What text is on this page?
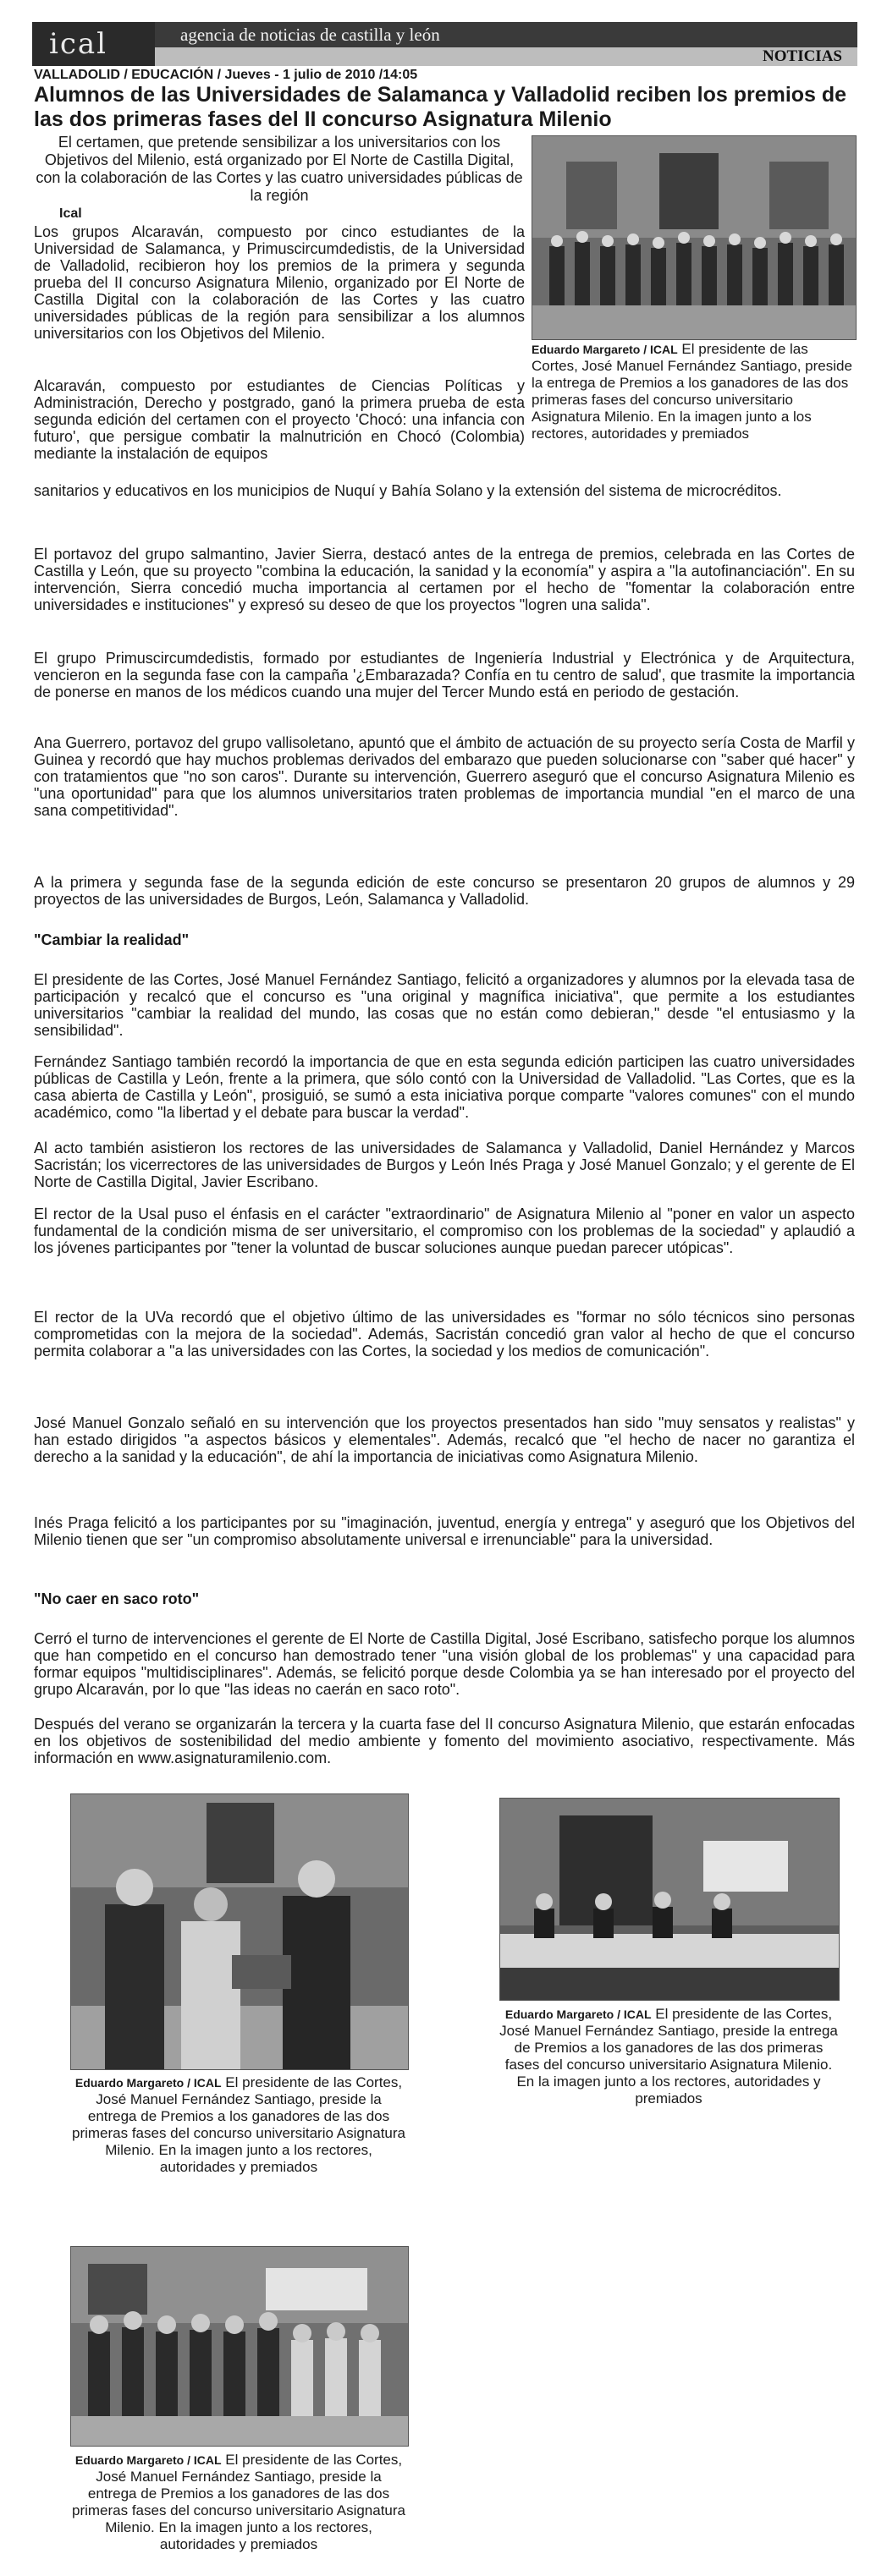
ical	agencia de noticias de castilla y león
NOTICIAS
VALLADOLID / EDUCACIÓN / Jueves - 1 julio de 2010 /14:05
Alumnos de las Universidades de Salamanca y Valladolid reciben los premios de las dos primeras fases del II concurso Asignatura Milenio

El certamen, que pretende sensibilizar a los universitarios con los Objetivos del Milenio, está organizado por El Norte de Castilla Digital, con la colaboración de las Cortes y las cuatro universidades públicas de la región

Ical

Eduardo Margareto / ICAL El presidente de las Cortes, José Manuel Fernández Santiago, preside la entrega de Premios a los ganadores de las dos primeras fases del concurso universitario Asignatura Milenio. En la imagen junto a los rectores, autoridades y premiados

Los grupos Alcaraván, compuesto por cinco estudiantes de la Universidad de Salamanca, y Primuscircumdedistis, de la Universidad de Valladolid, recibieron hoy los premios de la primera y segunda prueba del II concurso Asignatura Milenio, organizado por El Norte de Castilla Digital con la colaboración de las Cortes y las cuatro universidades públicas de la región para sensibilizar a los alumnos universitarios con los Objetivos del Milenio.

Alcaraván, compuesto por estudiantes de Ciencias Políticas y Administración, Derecho y postgrado, ganó la primera prueba de esta segunda edición del certamen con el proyecto 'Chocó: una infancia con futuro', que persigue combatir la malnutrición en Chocó (Colombia) mediante la instalación de equipos

sanitarios y educativos en los municipios de Nuquí y Bahía Solano y la extensión del sistema de microcréditos.

El portavoz del grupo salmantino, Javier Sierra, destacó antes de la entrega de premios, celebrada en las Cortes de Castilla y León, que su proyecto "combina la educación, la sanidad y la economía" y aspira a "la autofinanciación". En su intervención, Sierra concedió mucha importancia al certamen por el hecho de "fomentar la colaboración entre universidades e instituciones" y expresó su deseo de que los proyectos "logren una salida".

El grupo Primuscircumdedistis, formado por estudiantes de Ingeniería Industrial y Electrónica y de Arquitectura, vencieron en la segunda fase con la campaña '¿Embarazada? Confía en tu centro de salud', que trasmite la importancia de ponerse en manos de los médicos cuando una mujer del Tercer Mundo está en periodo de gestación.

Ana Guerrero, portavoz del grupo vallisoletano, apuntó que el ámbito de actuación de su proyecto sería Costa de Marfil y Guinea y recordó que hay muchos problemas derivados del embarazo que pueden solucionarse con "saber qué hacer" y con tratamientos que "no son caros". Durante su intervención, Guerrero aseguró que el concurso Asignatura Milenio es "una oportunidad" para que los alumnos universitarios traten problemas de importancia mundial "en el marco de una sana competitividad".

A la primera y segunda fase de la segunda edición de este concurso se presentaron 20 grupos de alumnos y 29 proyectos de las universidades de Burgos, León, Salamanca y Valladolid.

"Cambiar la realidad"

El presidente de las Cortes, José Manuel Fernández Santiago, felicitó a organizadores y alumnos por la elevada tasa de participación y recalcó que el concurso es "una original y magnífica iniciativa", que permite a los estudiantes universitarios "cambiar la realidad del mundo, las cosas que no están como debieran," desde "el entusiasmo y la sensibilidad".

Fernández Santiago también recordó la importancia de que en esta segunda edición participen las cuatro universidades públicas de Castilla y León, frente a la primera, que sólo contó con la Universidad de Valladolid. "Las Cortes, que es la casa abierta de Castilla y León", prosiguió, se sumó a esta iniciativa porque comparte "valores comunes" con el mundo académico, como "la libertad y el debate para buscar la verdad".

Al acto también asistieron los rectores de las universidades de Salamanca y Valladolid, Daniel Hernández y Marcos Sacristán; los vicerrectores de las universidades de Burgos y León Inés Praga y José Manuel Gonzalo; y el gerente de El Norte de Castilla Digital, Javier Escribano.

El rector de la Usal puso el énfasis en el carácter "extraordinario" de Asignatura Milenio al "poner en valor un aspecto fundamental de la condición misma de ser universitario, el compromiso con los problemas de la sociedad" y aplaudió a los jóvenes participantes por "tener la voluntad de buscar soluciones aunque puedan parecer utópicas".

El rector de la UVa recordó que el objetivo último de las universidades es "formar no sólo técnicos sino personas comprometidas con la mejora de la sociedad". Además, Sacristán concedió gran valor al hecho de que el concurso permita colaborar a "a las universidades con las Cortes, la sociedad y los medios de comunicación".

José Manuel Gonzalo señaló en su intervención que los proyectos presentados han sido "muy sensatos y realistas" y han estado dirigidos "a aspectos básicos y elementales". Además, recalcó que "el hecho de nacer no garantiza el derecho a la sanidad y la educación", de ahí la importancia de iniciativas como Asignatura Milenio.

Inés Praga felicitó a los participantes por su "imaginación, juventud, energía y entrega" y aseguró que los Objetivos del Milenio tienen que ser "un compromiso absolutamente universal e irrenunciable" para la universidad.

"No caer en saco roto"

Cerró el turno de intervenciones el gerente de El Norte de Castilla Digital, José Escribano, satisfecho porque los alumnos que han competido en el concurso han demostrado tener "una visión global de los problemas" y una capacidad para formar equipos "multidisciplinares". Además, se felicitó porque desde Colombia ya se han interesado por el proyecto del grupo Alcaraván, por lo que "las ideas no caerán en saco roto".

Después del verano se organizarán la tercera y la cuarta fase del II concurso Asignatura Milenio, que estarán enfocadas en los objetivos de sostenibilidad del medio ambiente y fomento del movimiento asociativo, respectivamente. Más información en www.asignaturamilenio.com.

Eduardo Margareto / ICAL El presidente de las Cortes, José Manuel Fernández Santiago, preside la entrega de Premios a los ganadores de las dos primeras fases del concurso universitario Asignatura Milenio. En la imagen junto a los rectores, autoridades y premiados

Eduardo Margareto / ICAL El presidente de las Cortes, José Manuel Fernández Santiago, preside la entrega de Premios a los ganadores de las dos primeras fases del concurso universitario Asignatura Milenio. En la imagen junto a los rectores, autoridades y premiados

Eduardo Margareto / ICAL El presidente de las Cortes, José Manuel Fernández Santiago, preside la entrega de Premios a los ganadores de las dos primeras fases del concurso universitario Asignatura Milenio. En la imagen junto a los rectores, autoridades y premiados
